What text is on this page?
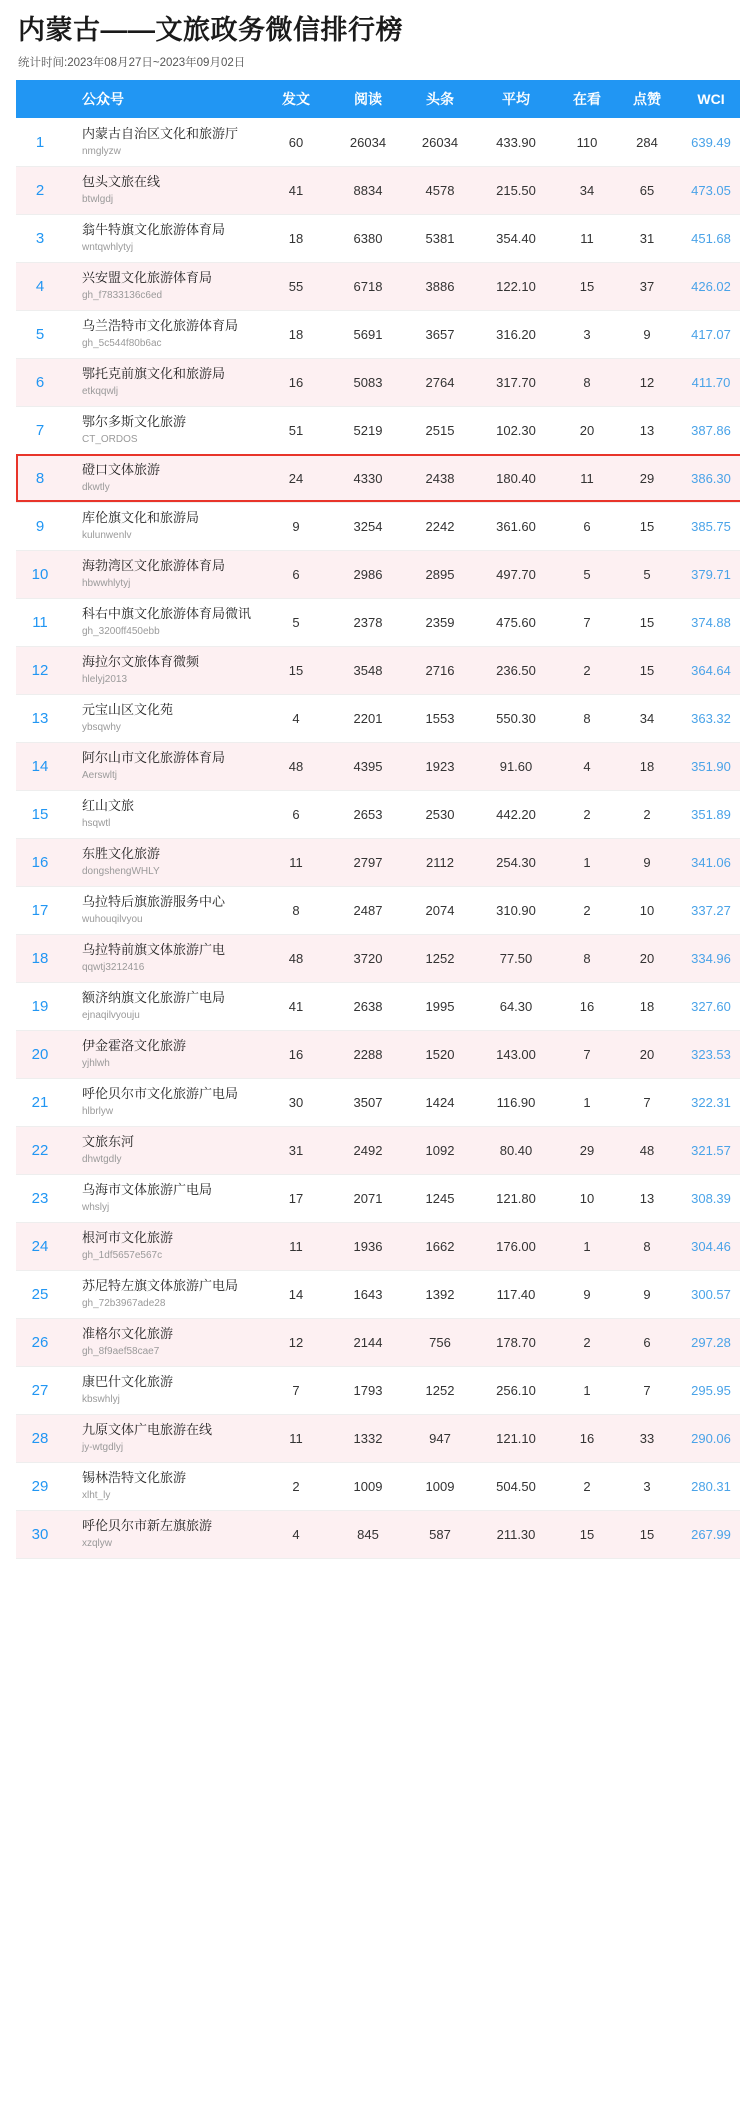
内蒙古——文旅政务微信排行榜
统计时间:2023年08月27日~2023年09月02日
	公众号	发文	阅读	头条	平均	在看	点赞	WCI
1	内蒙古自治区文化和旅游厅
nmglyzw	60	26034	26034	433.90	110	284	639.49
2	包头文旅在线
btwlgdj	41	8834	4578	215.50	34	65	473.05
3	翁牛特旗文化旅游体育局
wntqwhlytyj	18	6380	5381	354.40	11	31	451.68
4	兴安盟文化旅游体育局
gh_f7833136c6ed	55	6718	3886	122.10	15	37	426.02
5	乌兰浩特市文化旅游体育局
gh_5c544f80b6ac	18	5691	3657	316.20	3	9	417.07
6	鄂托克前旗文化和旅游局
etkqqwlj	16	5083	2764	317.70	8	12	411.70
7	鄂尔多斯文化旅游
CT_ORDOS	51	5219	2515	102.30	20	13	387.86
8	磴口文体旅游
dkwtly	24	4330	2438	180.40	11	29	386.30
9	库伦旗文化和旅游局
kulunwenlv	9	3254	2242	361.60	6	15	385.75
10	海勃湾区文化旅游体育局
hbwwhlytyj	6	2986	2895	497.70	5	5	379.71
11	科右中旗文化旅游体育局微讯
gh_3200ff450ebb	5	2378	2359	475.60	7	15	374.88
12	海拉尔文旅体育微频
hlelyj2013	15	3548	2716	236.50	2	15	364.64
13	元宝山区文化苑
ybsqwhy	4	2201	1553	550.30	8	34	363.32
14	阿尔山市文化旅游体育局
Aerswltj	48	4395	1923	91.60	4	18	351.90
15	红山文旅
hsqwtl	6	2653	2530	442.20	2	2	351.89
16	东胜文化旅游
dongshengWHLY	11	2797	2112	254.30	1	9	341.06
17	乌拉特后旗旅游服务中心
wuhouqilvyou	8	2487	2074	310.90	2	10	337.27
18	乌拉特前旗文体旅游广电
qqwtj3212416	48	3720	1252	77.50	8	20	334.96
19	额济纳旗文化旅游广电局
ejnaqilvyouju	41	2638	1995	64.30	16	18	327.60
20	伊金霍洛文化旅游
yjhlwh	16	2288	1520	143.00	7	20	323.53
21	呼伦贝尔市文化旅游广电局
hlbrlyw	30	3507	1424	116.90	1	7	322.31
22	文旅东河
dhwtgdly	31	2492	1092	80.40	29	48	321.57
23	乌海市文体旅游广电局
whslyj	17	2071	1245	121.80	10	13	308.39
24	根河市文化旅游
gh_1df5657e567c	11	1936	1662	176.00	1	8	304.46
25	苏尼特左旗文体旅游广电局
gh_72b3967ade28	14	1643	1392	117.40	9	9	300.57
26	准格尔文化旅游
gh_8f9aef58cae7	12	2144	756	178.70	2	6	297.28
27	康巴什文化旅游
kbswhlyj	7	1793	1252	256.10	1	7	295.95
28	九原文体广电旅游在线
jy-wtgdlyj	11	1332	947	121.10	16	33	290.06
29	锡林浩特文化旅游
xlht_ly	2	1009	1009	504.50	2	3	280.31
30	呼伦贝尔市新左旗旅游
xzqlyw	4	845	587	211.30	15	15	267.99
